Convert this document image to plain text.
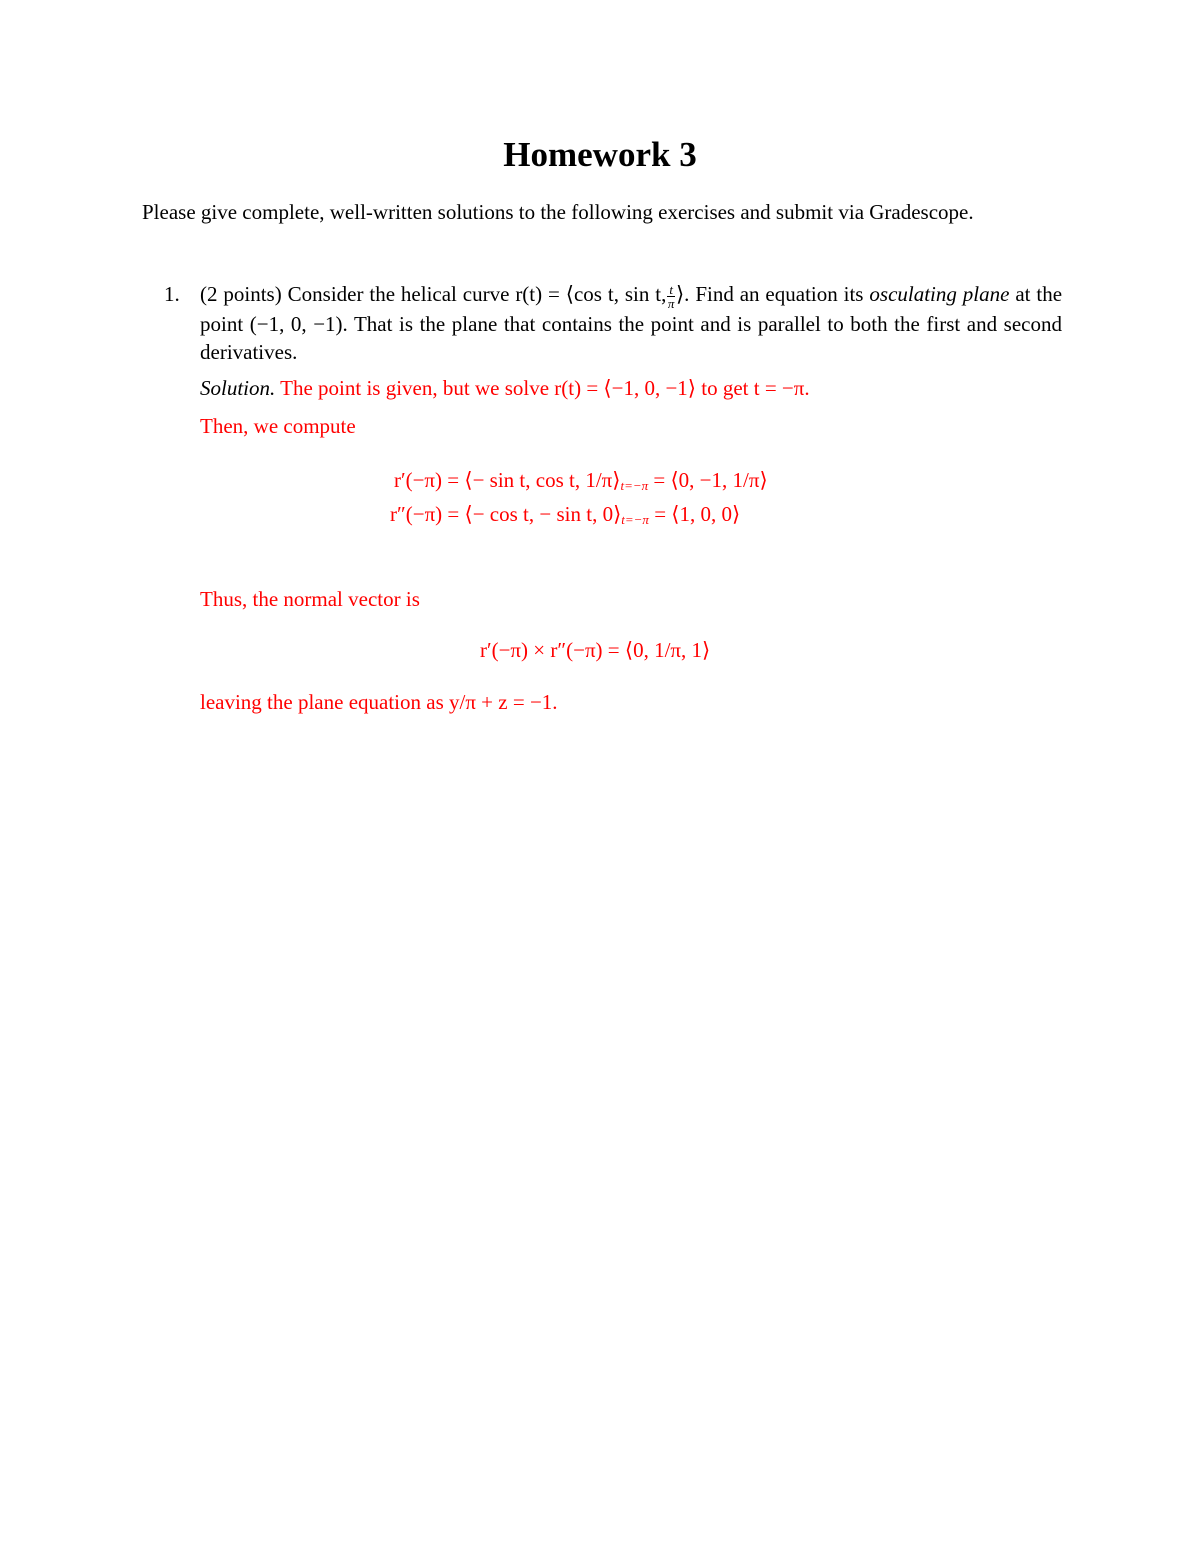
Homework 3
Please give complete, well-written solutions to the following exercises and submit via Gradescope.
1. (2 points) Consider the helical curve r(t) = ⟨cos t, sin t, $\frac{t}{\pi}$ ⟩. Find an equation its osculating plane at the point (−1, 0, −1). That is the plane that contains the point and is parallel to both the first and second derivatives.
Solution. The point is given, but we solve r(t) = ⟨−1, 0, −1⟩ to get t = −π.
Then, we compute
r′(−π) = ⟨− sin t, cos t, $1/\pi⟩_{t=-\pi}$ = ⟨0, −1, 1/π⟩
r″(−π) = ⟨− cos t, − sin t, $0⟩_{t=-\pi}$ = ⟨1, 0, 0⟩
Thus, the normal vector is
r′(−π) × r″(−π) = ⟨0, 1/π, 1⟩
leaving the plane equation as y/π + z = −1.
